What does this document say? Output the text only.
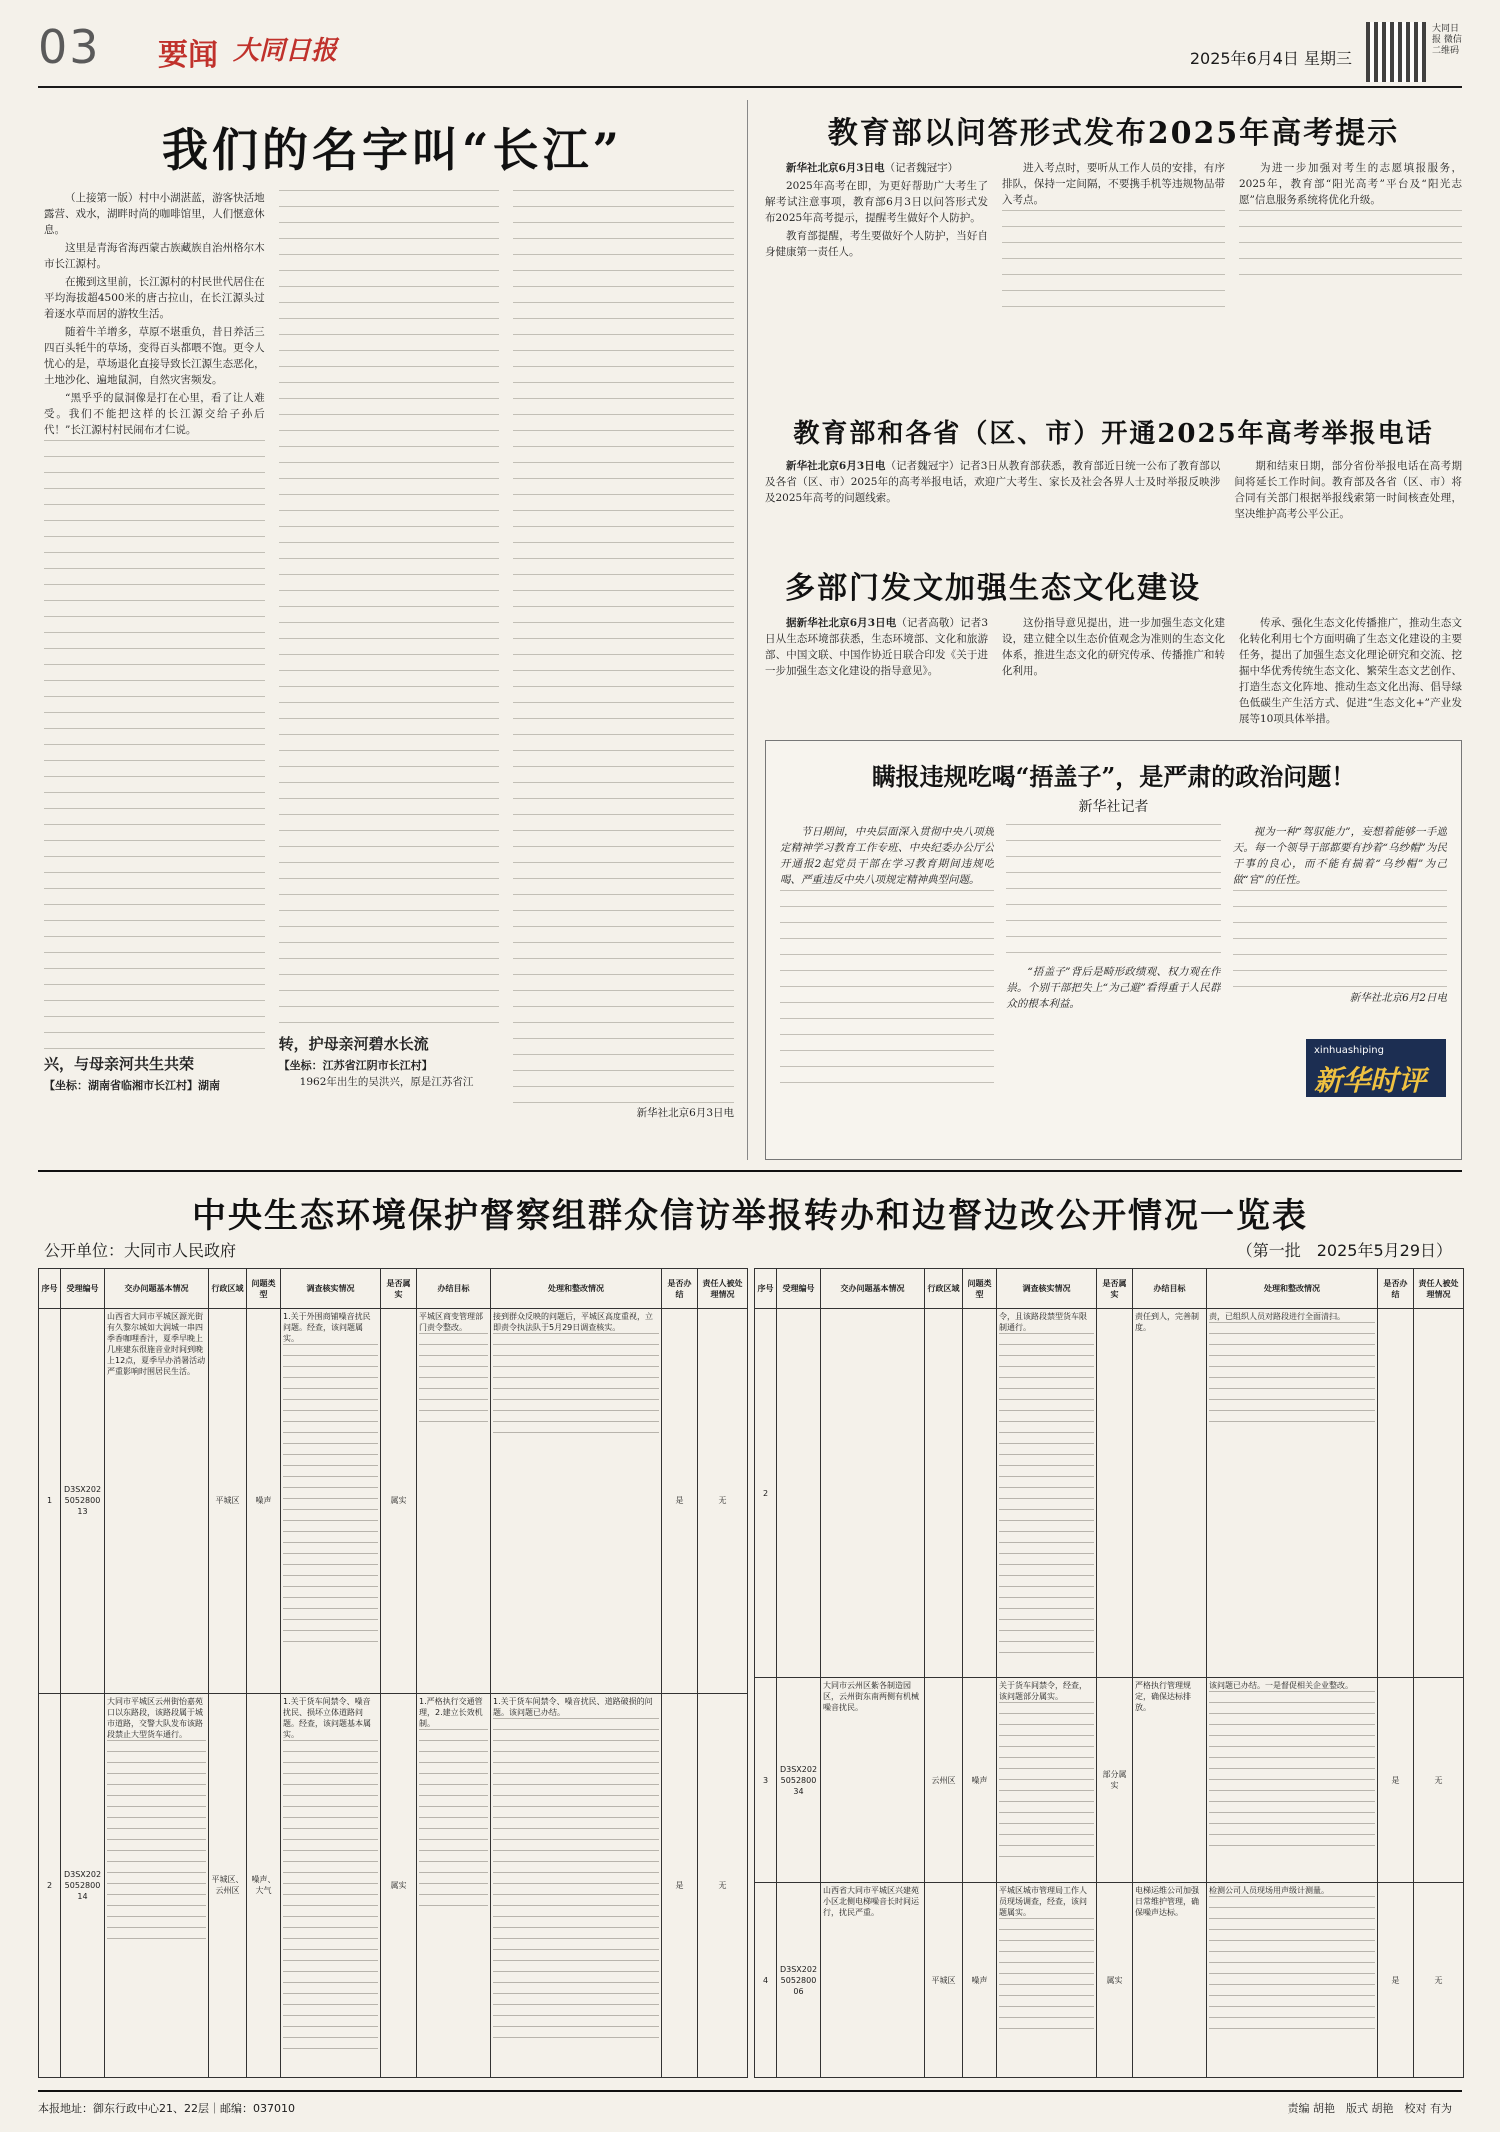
03 要闻 大同日报	2025年6月4日 星期三
大同日报 微信 二维码
我们的名字叫“长江”

（上接第一版）村中小湖湛蓝，游客快活地露营、戏水，湖畔时尚的咖啡馆里，人们惬意休息。

这里是青海省海西蒙古族藏族自治州格尔木市长江源村。

在搬到这里前，长江源村的村民世代居住在平均海拔超4500米的唐古拉山，在长江源头过着逐水草而居的游牧生活。

随着牛羊增多，草原不堪重负，昔日养活三四百头牦牛的草场，变得百头都喂不饱。更令人忧心的是，草场退化直接导致长江源生态恶化，土地沙化、遍地鼠洞，自然灾害频发。

“黑乎乎的鼠洞像是打在心里，看了让人难受。我们不能把这样的长江源交给子孙后代！”长江源村村民闹布才仁说。

兴，与母亲河共生共荣
【坐标：湖南省临湘市长江村】湖南
转，护母亲河碧水长流
【坐标：江苏省江阴市长江村】

1962年出生的吴洪兴，原是江苏省江

新华社北京6月3日电

教育部以问答形式发布2025年高考提示

新华社北京6月3日电（记者魏冠宇）

2025年高考在即，为更好帮助广大考生了解考试注意事项，教育部6月3日以问答形式发布2025年高考提示，提醒考生做好个人防护。

教育部提醒，考生要做好个人防护，当好自身健康第一责任人。

进入考点时，要听从工作人员的安排，有序排队，保持一定间隔，不要携手机等违规物品带入考点。

为进一步加强对考生的志愿填报服务，2025年，教育部“阳光高考”平台及“阳光志愿”信息服务系统将优化升级。

教育部和各省（区、市）开通2025年高考举报电话

新华社北京6月3日电（记者魏冠宇）记者3日从教育部获悉，教育部近日统一公布了教育部以及各省（区、市）2025年的高考举报电话，欢迎广大考生、家长及社会各界人士及时举报反映涉及2025年高考的问题线索。

期和结束日期，部分省份举报电话在高考期间将延长工作时间。教育部及各省（区、市）将合同有关部门根据举报线索第一时间核查处理，坚决维护高考公平公正。

多部门发文加强生态文化建设

据新华社北京6月3日电（记者高敬）记者3日从生态环境部获悉，生态环境部、文化和旅游部、中国文联、中国作协近日联合印发《关于进一步加强生态文化建设的指导意见》。

这份指导意见提出，进一步加强生态文化建设，建立健全以生态价值观念为准则的生态文化体系，推进生态文化的研究传承、传播推广和转化利用。

传承、强化生态文化传播推广，推动生态文化转化利用七个方面明确了生态文化建设的主要任务，提出了加强生态文化理论研究和交流、挖掘中华优秀传统生态文化、繁荣生态文艺创作、打造生态文化阵地、推动生态文化出海、倡导绿色低碳生产生活方式、促进“生态文化+”产业发展等10项具体举措。

瞒报违规吃喝“捂盖子”，是严肃的政治问题！
新华社记者

节日期间，中央层面深入贯彻中央八项规定精神学习教育工作专班、中央纪委办公厅公开通报2起党员干部在学习教育期间违规吃喝、严重违反中央八项规定精神典型问题。

“捂盖子”背后是畸形政绩观、权力观在作祟。个别干部把失上“为己避”看得重于人民群众的根本利益。

视为一种“驾驭能力”，妄想着能够一手遮天。每一个领导干部都要有抄着“乌纱帽”为民干事的良心，而不能有揣着“乌纱帽”为己做“官”的任性。

新华社北京6月2日电

xinhuashiping
新华时评
中央生态环境保护督察组群众信访举报转办和边督边改公开情况一览表
公开单位：大同市人民政府	（第一批　2025年5月29日）
序号	受理编号	交办问题基本情况	行政区域	问题类型	调查核实情况	是否属实	办结目标	处理和整改情况	是否办结	责任人被处理情况
1	D3SX202505280013	山西省大同市平城区源光街有久黎尔城如大润城一串四季香咖哩香汁，夏季早晚上几座建东很施音业时间到晚上12点，夏季早办消暑活动严重影响时围居民生活。	平城区	噪声	1.关于外围商铺噪音扰民问题。经查，该问题属实。	属实	平城区商变管理部门责令整改。	接到群众反映的问题后，平城区高度重视，立即责令执法队于5月29日调查核实。	是	无
2	D3SX202505280014	大同市平城区云州街怡嘉苑口以东路段，该路段属于城市道路，交警大队发布该路段禁止大型货车通行。	平城区、云州区	噪声、大气	1.关于货车间禁令、噪音扰民、损坏立体道路问题。经查，该问题基本属实。	属实	1.严格执行交通管理，2.建立长效机制。	1.关于货车间禁令、噪音扰民、道路破损的问题。该问题已办结。	是	无
序号	受理编号	交办问题基本情况	行政区域	问题类型	调查核实情况	是否属实	办结目标	处理和整改情况	是否办结	责任人被处理情况
2					令，且该路段禁型货车限制通行。		责任到人，完善制度。	责，已组织人员对路段进行全面清扫。

3	D3SX202505280034	大同市云州区紫各制造园区，云州街东南两侧有机械噪音扰民。	云州区	噪声	关于货车间禁令，经查，该问题部分属实。	部分属实	严格执行管理规定，确保达标排放。	该问题已办结。一是督促相关企业整改。	是	无
4	D3SX202505280006	山西省大同市平城区兴建苑小区北侧电梯噪音长时间运行，扰民严重。	平城区	噪声	平城区城市管理局工作人员现场调查，经查，该问题属实。	属实	电梯运维公司加强日常维护管理，确保噪声达标。	检测公司人员现场用声级计测量。	是	无
本报地址：御东行政中心21、22层｜邮编：037010	责编 胡艳　版式 胡艳　校对 有为
